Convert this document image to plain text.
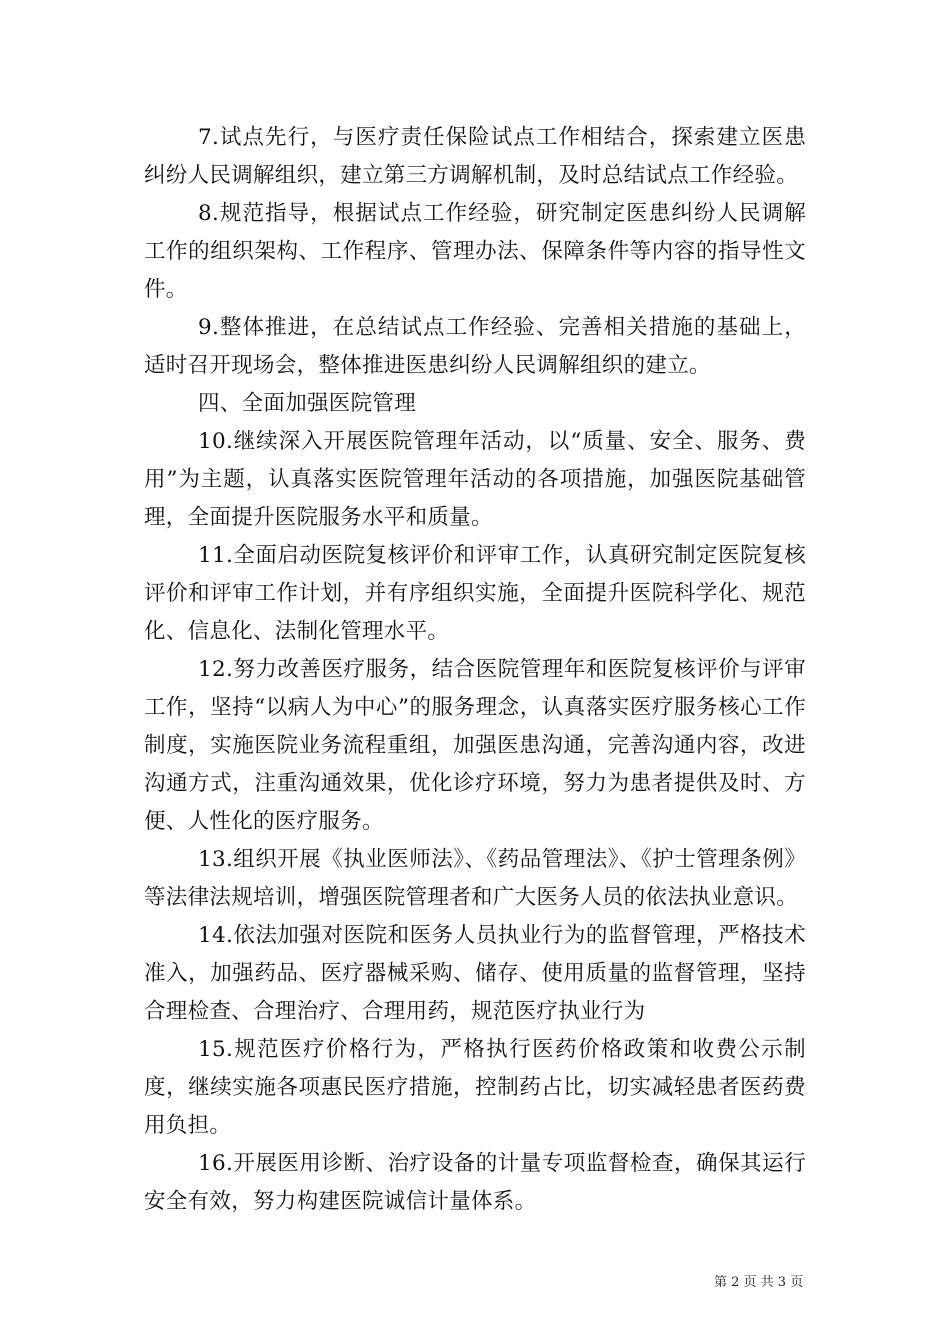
7.试点先行，与医疗责任保险试点工作相结合，探索建立医患纠纷人民调解组织，建立第三方调解机制，及时总结试点工作经验。

8.规范指导，根据试点工作经验，研究制定医患纠纷人民调解工作的组织架构、工作程序、管理办法、保障条件等内容的指导性文件。

9.整体推进，在总结试点工作经验、完善相关措施的基础上，适时召开现场会，整体推进医患纠纷人民调解组织的建立。

四、全面加强医院管理

10.继续深入开展医院管理年活动，以“质量、安全、服务、费用”为主题，认真落实医院管理年活动的各项措施，加强医院基础管理，全面提升医院服务水平和质量。

11.全面启动医院复核评价和评审工作，认真研究制定医院复核评价和评审工作计划，并有序组织实施，全面提升医院科学化、规范化、信息化、法制化管理水平。

12.努力改善医疗服务，结合医院管理年和医院复核评价与评审工作，坚持“以病人为中心”的服务理念，认真落实医疗服务核心工作制度，实施医院业务流程重组，加强医患沟通，完善沟通内容，改进沟通方式，注重沟通效果，优化诊疗环境，努力为患者提供及时、方便、人性化的医疗服务。

13.组织开展《执业医师法》、《药品管理法》、《护士管理条例》等法律法规培训，增强医院管理者和广大医务人员的依法执业意识。

14.依法加强对医院和医务人员执业行为的监督管理，严格技术准入，加强药品、医疗器械采购、储存、使用质量的监督管理，坚持合理检查、合理治疗、合理用药，规范医疗执业行为

15.规范医疗价格行为，严格执行医药价格政策和收费公示制度，继续实施各项惠民医疗措施，控制药占比，切实减轻患者医药费用负担。

16.开展医用诊断、治疗设备的计量专项监督检查，确保其运行安全有效，努力构建医院诚信计量体系。

第 2 页 共 3 页
